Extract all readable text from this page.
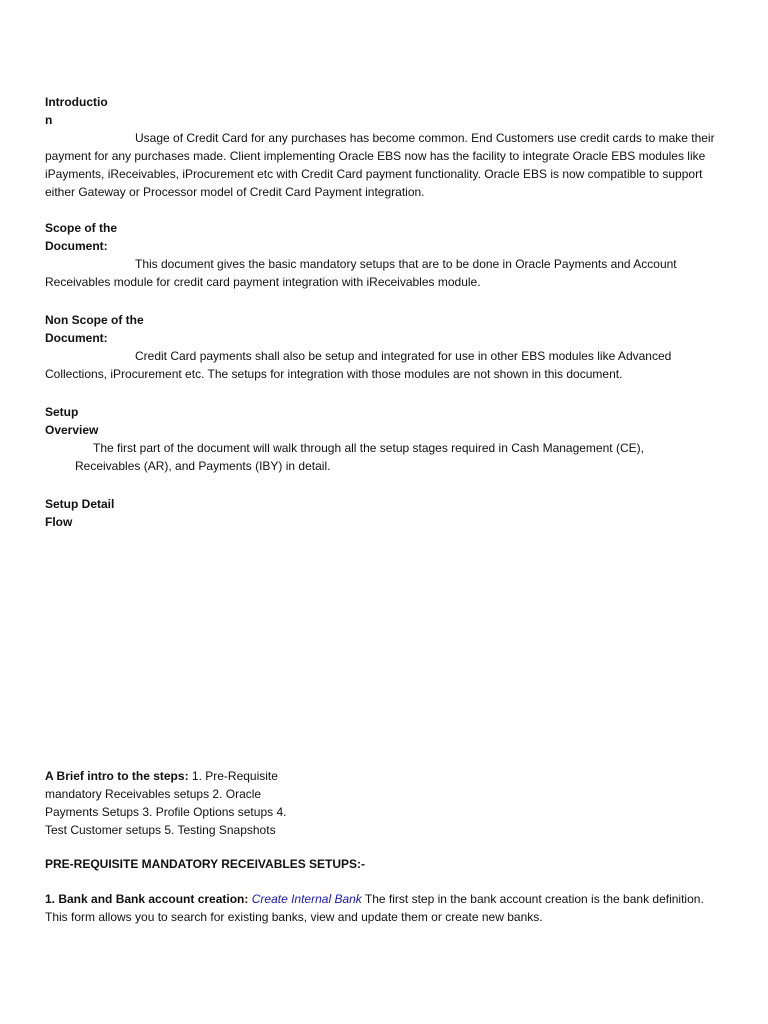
Introductio
n

Usage of Credit Card for any purchases has become common. End Customers use credit cards to make their payment for any purchases made. Client implementing Oracle EBS now has the facility to integrate Oracle EBS modules like iPayments, iReceivables, iProcurement etc with Credit Card payment functionality. Oracle EBS is now compatible to support either Gateway or Processor model of Credit Card Payment integration.

Scope of the
Document:

This document gives the basic mandatory setups that are to be done in Oracle Payments and Account Receivables module for credit card payment integration with iReceivables module.

Non Scope of the
Document:

Credit Card payments shall also be setup and integrated for use in other EBS modules like Advanced Collections, iProcurement etc. The setups for integration with those modules are not shown in this document.

Setup
Overview

The first part of the document will walk through all the setup stages required in Cash Management (CE), Receivables (AR), and Payments (IBY) in detail.

Setup Detail
Flow
A Brief intro to the steps: 1. Pre-Requisite mandatory Receivables setups 2. Oracle Payments Setups 3. Profile Options setups 4. Test Customer setups 5. Testing Snapshots
PRE-REQUISITE MANDATORY RECEIVABLES SETUPS:-
1. Bank and Bank account creation: Create Internal Bank The first step in the bank account creation is the bank definition. This form allows you to search for existing banks, view and update them or create new banks.
